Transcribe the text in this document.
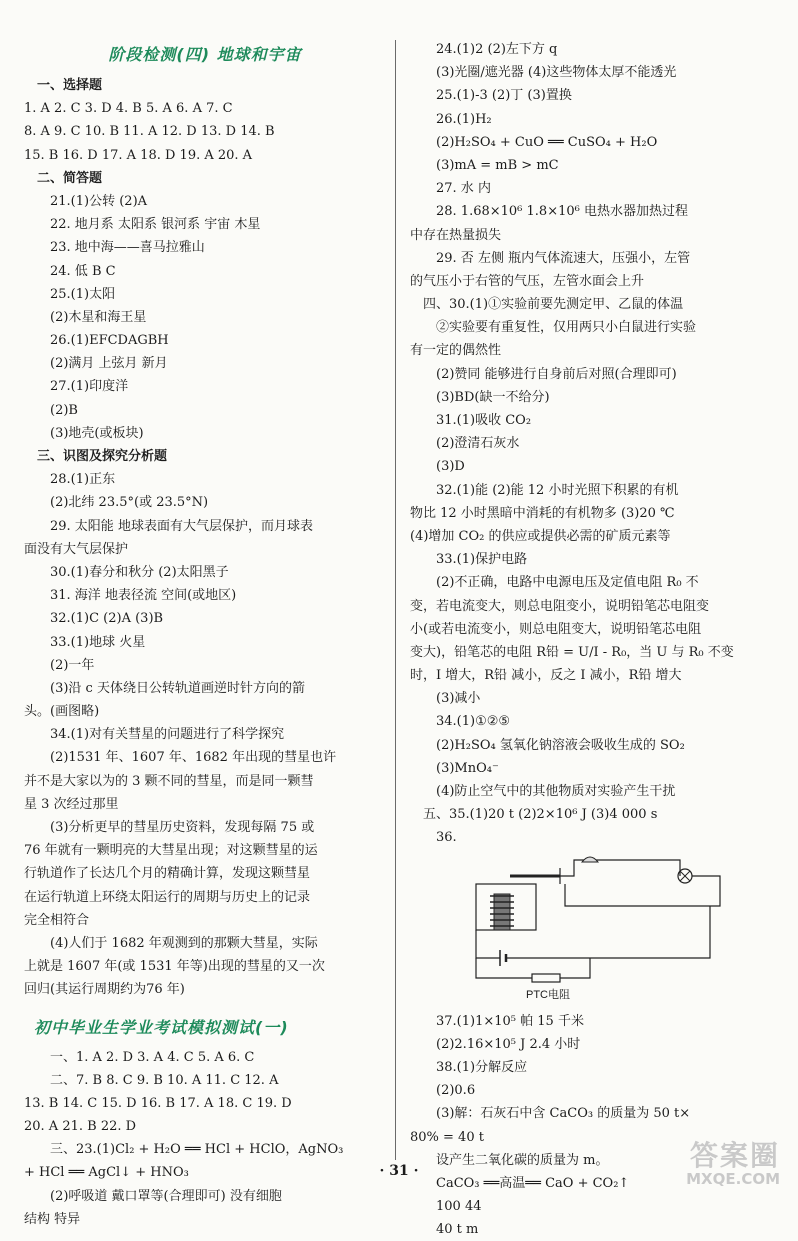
阶段检测(四) 地球和宇宙
一、选择题
1. A 2. C 3. D 4. B 5. A 6. A 7. C
8. A 9. C 10. B 11. A 12. D 13. D 14. B
15. B 16. D 17. A 18. D 19. A 20. A
二、简答题
21.(1)公转 (2)A
22. 地月系 太阳系 银河系 宇宙 木星
23. 地中海——喜马拉雅山
24. 低 B C
25.(1)太阳
(2)木星和海王星
26.(1)EFCDAGBH
(2)满月 上弦月 新月
27.(1)印度洋
(2)B
(3)地壳(或板块)
三、识图及探究分析题
28.(1)正东
(2)北纬 23.5°(或 23.5°N)
29. 太阳能 地球表面有大气层保护，而月球表
面没有大气层保护
30.(1)春分和秋分 (2)太阳黑子
31. 海洋 地表径流 空间(或地区)
32.(1)C (2)A (3)B
33.(1)地球 火星
(2)一年
(3)沿 c 天体绕日公转轨道画逆时针方向的箭
头。(画图略)
34.(1)对有关彗星的问题进行了科学探究
(2)1531 年、1607 年、1682 年出现的彗星也许
并不是大家以为的 3 颗不同的彗星，而是同一颗彗
星 3 次经过那里
(3)分析更早的彗星历史资料，发现每隔 75 或
76 年就有一颗明亮的大彗星出现；对这颗彗星的运
行轨道作了长达几个月的精确计算，发现这颗彗星
在运行轨道上环绕太阳运行的周期与历史上的记录
完全相符合
(4)人们于 1682 年观测到的那颗大彗星，实际
上就是 1607 年(或 1531 年等)出现的彗星的又一次
回归(其运行周期约为76 年)
初中毕业生学业考试模拟测试(一)
一、1. A 2. D 3. A 4. C 5. A 6. C
二、7. B 8. C 9. B 10. A 11. C 12. A
13. B 14. C 15. D 16. B 17. A 18. C 19. D
20. A 21. B 22. D
三、23.(1)Cl₂ + H₂O ══ HCl + HClO，AgNO₃
+ HCl ══ AgCl↓ + HNO₃
(2)呼吸道 戴口罩等(合理即可) 没有细胞
结构 特异
24.(1)2 (2)左下方 q
(3)光圈/遮光器 (4)这些物体太厚不能透光
25.(1)-3 (2)丁 (3)置换
26.(1)H₂
(2)H₂SO₄ + CuO ══ CuSO₄ + H₂O
(3)mA = mB > mC
27. 水 内
28. 1.68×10⁶ 1.8×10⁶ 电热水器加热过程
中存在热量损失
29. 否 左侧 瓶内气体流速大，压强小，左管
的气压小于右管的气压，左管水面会上升
四、30.(1)①实验前要先测定甲、乙鼠的体温
②实验要有重复性，仅用两只小白鼠进行实验
有一定的偶然性
(2)赞同 能够进行自身前后对照(合理即可)
(3)BD(缺一不给分)
31.(1)吸收 CO₂
(2)澄清石灰水
(3)D
32.(1)能 (2)能 12 小时光照下积累的有机
物比 12 小时黑暗中消耗的有机物多 (3)20 ℃
(4)增加 CO₂ 的供应或提供必需的矿质元素等
33.(1)保护电路
(2)不正确，电路中电源电压及定值电阻 R₀ 不
变，若电流变大，则总电阻变小，说明铅笔芯电阻变
小(或若电流变小，则总电阻变大，说明铅笔芯电阻
变大)，铅笔芯的电阻 R铅 = U/I - R₀，当 U 与 R₀ 不变
时，I 增大，R铅 减小，反之 I 减小，R铅 增大
(3)减小
34.(1)①②⑤
(2)H₂SO₄ 氢氧化钠溶液会吸收生成的 SO₂
(3)MnO₄⁻
(4)防止空气中的其他物质对实验产生干扰
五、35.(1)20 t (2)2×10⁶ J (3)4 000 s
36.
PTC电阻
37.(1)1×10⁵ 帕 15 千米
(2)2.16×10⁵ J 2.4 小时
38.(1)分解反应
(2)0.6
(3)解：石灰石中含 CaCO₃ 的质量为 50 t×
80% = 40 t
设产生二氧化碳的质量为 m。
CaCO₃ ══高温══ CaO + CO₂↑
100 44
40 t m
· 31 ·	答案圈
MXQE.COM
